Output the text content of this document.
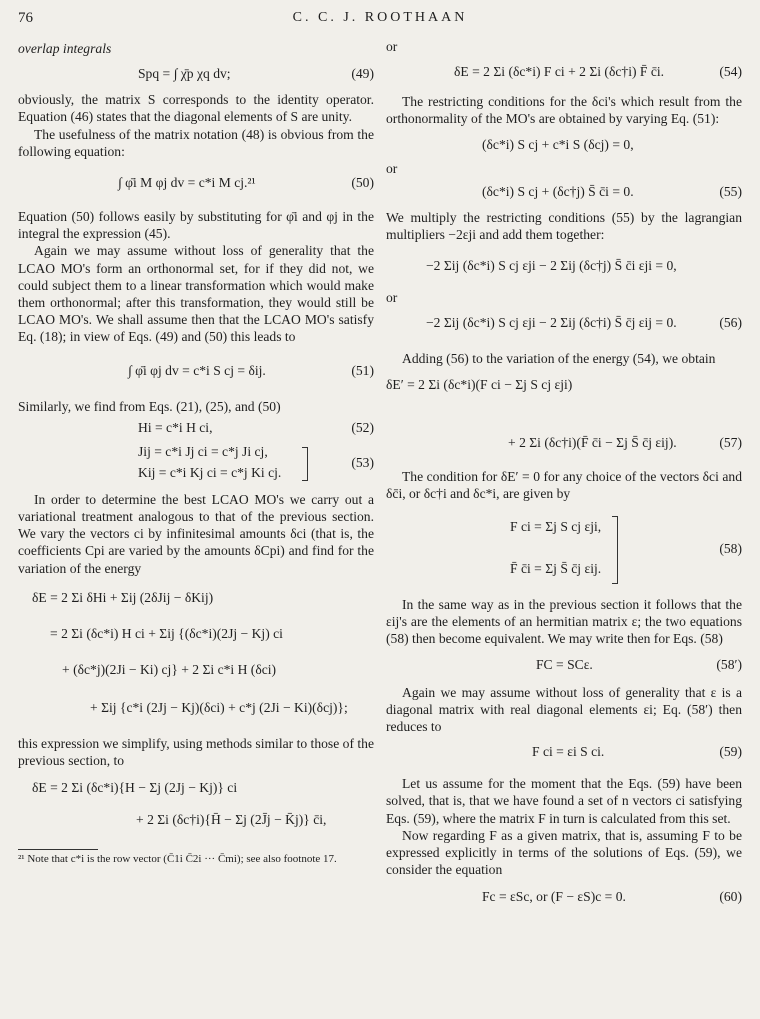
76	C. C. J. ROOTHAAN

overlap integrals

Spq = ∫ χ̄p χq dv;	(49)

obviously, the matrix S corresponds to the identity operator. Equation (46) states that the diagonal elements of S are unity.

The usefulness of the matrix notation (48) is obvious from the following equation:

∫ φ̄i M φj dv = c*i M cj.²¹	(50)

Equation (50) follows easily by substituting for φ̄i and φj in the integral the expression (45).

Again we may assume without loss of generality that the LCAO MO's form an orthonormal set, for if they did not, we could subject them to a linear transformation which would make them orthonormal; after this transformation, they would still be LCAO MO's. We shall assume then that the LCAO MO's satisfy Eq. (18); in view of Eqs. (49) and (50) this leads to

∫ φ̄i φj dv = c*i S cj = δij.	(51)

Similarly, we find from Eqs. (21), (25), and (50)

Hi = c*i H ci,	(52)
Jij = c*i Jj ci = c*j Ji cj,
Kij = c*i Kj ci = c*j Ki cj.
(53)

In order to determine the best LCAO MO's we carry out a variational treatment analogous to that of the previous section. We vary the vectors ci by infinitesimal amounts δci (that is, the coefficients Cpi are varied by the amounts δCpi) and find for the variation of the energy

δE = 2 Σi δHi + Σij (2δJij − δKij)
= 2 Σi (δc*i) H ci + Σij {(δc*i)(2Jj − Kj) ci
+ (δc*j)(2Ji − Ki) cj} + 2 Σi c*i H (δci)
+ Σij {c*i (2Jj − Kj)(δci) + c*j (2Ji − Ki)(δcj)};

this expression we simplify, using methods similar to those of the previous section, to

δE = 2 Σi (δc*i){H − Σj (2Jj − Kj)} ci
+ 2 Σi (δc†i){H̄ − Σj (2J̄j − K̄j)} c̄i,

²¹ Note that c*i is the row vector (C̄1i C̄2i ··· C̄mi); see also footnote 17.

or

δE = 2 Σi (δc*i) F ci + 2 Σi (δc†i) F̄ c̄i.	(54)

The restricting conditions for the δci's which result from the orthonormality of the MO's are obtained by varying Eq. (51):

(δc*i) S cj + c*i S (δcj) = 0,

or

(δc*i) S cj + (δc†j) S̄ c̄i = 0.	(55)

We multiply the restricting conditions (55) by the lagrangian multipliers −2εji and add them together:

−2 Σij (δc*i) S cj εji − 2 Σij (δc†j) S̄ c̄i εji = 0,

or

−2 Σij (δc*i) S cj εji − 2 Σij (δc†i) S̄ c̄j εij = 0.	(56)

Adding (56) to the variation of the energy (54), we obtain

δE′ = 2 Σi (δc*i)(F ci − Σj S cj εji)
+ 2 Σi (δc†i)(F̄ c̄i − Σj S̄ c̄j εij).	(57)

The condition for δE′ = 0 for any choice of the vectors δci and δc̄i, or δc†i and δc*i, are given by

F ci = Σj S cj εji,
F̄ c̄i = Σj S̄ c̄j εij.
(58)

In the same way as in the previous section it follows that the εij's are the elements of an hermitian matrix ε; the two equations (58) then become equivalent. We may write then for Eqs. (58)

FC = SCε.	(58′)

Again we may assume without loss of generality that ε is a diagonal matrix with real diagonal elements εi; Eq. (58′) then reduces to

F ci = εi S ci.	(59)

Let us assume for the moment that the Eqs. (59) have been solved, that is, that we have found a set of n vectors ci satisfying Eqs. (59), where the matrix F in turn is calculated from this set.

Now regarding F as a given matrix, that is, assuming F to be expressed explicitly in terms of the solutions of Eqs. (59), we consider the equation

Fc = εSc, or (F − εS)c = 0.	(60)
